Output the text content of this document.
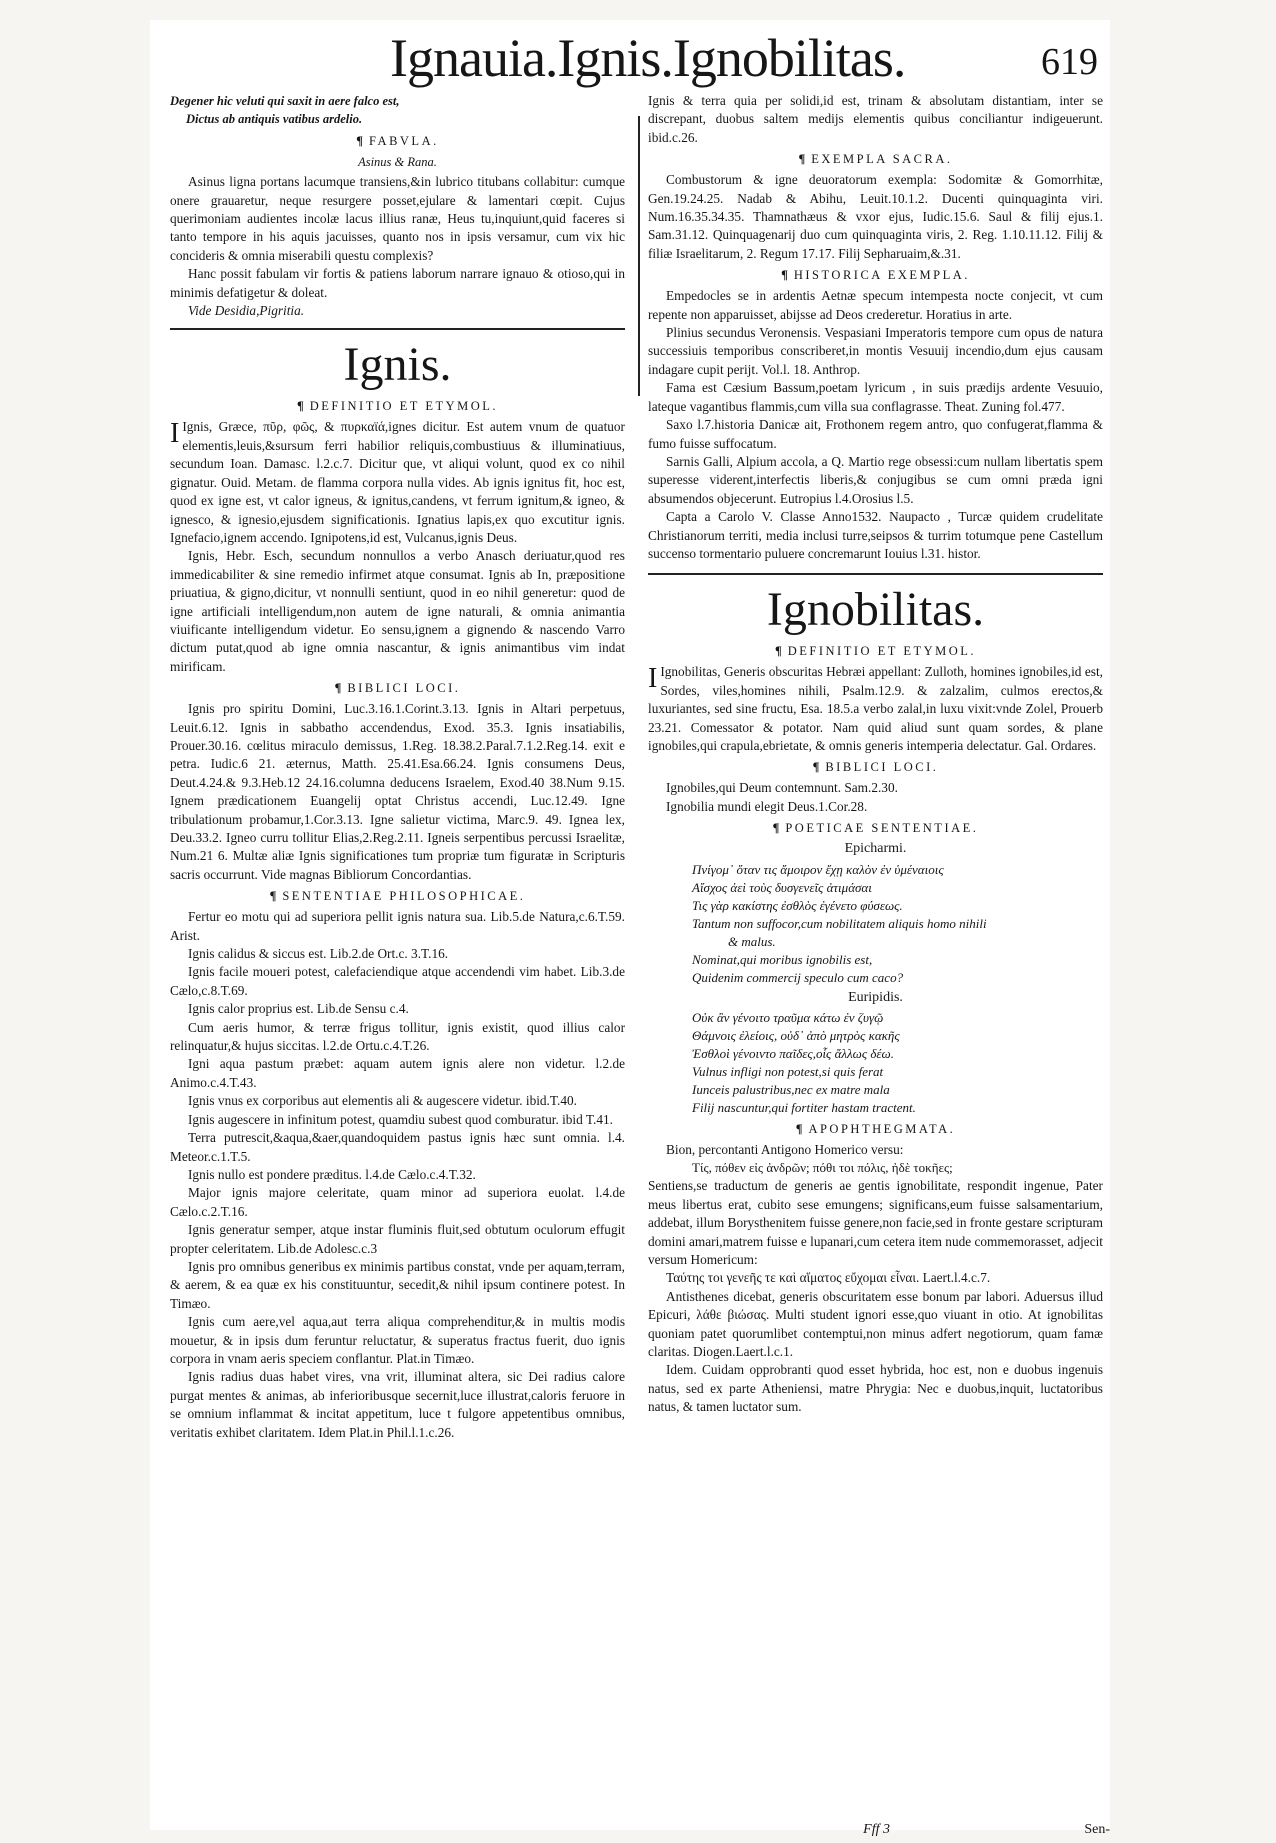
Ignauia.Ignis.Ignobilitas.	619

Degener hic veluti qui saxit in aere falco est,

Dictus ab antiquis vatibus ardelio.

¶ FABVLA.

Asinus & Rana.

Asinus ligna portans lacumque transiens,&in lubrico titubans collabitur: cumque onere grauaretur, neque resurgere posset,ejulare & lamentari cœpit. Cujus querimoniam audientes incolæ lacus illius ranæ, Heus tu,inquiunt,quid faceres si tanto tempore in his aquis jacuisses, quanto nos in ipsis versamur, cum vix hic concideris & omnia miserabili questu complexis?

Hanc possit fabulam vir fortis & patiens laborum narrare ignauo & otioso,qui in minimis defatigetur & doleat.

Vide Desidia,Pigritia.

Ignis.
¶ DEFINITIO ET ETYMOL.

I Ignis, Græce, πῦρ, φῶς, & πυρκαϊά,ignes dicitur. Est autem vnum de quatuor elementis,leuis,&sursum ferri habilior reliquis,combustiuus & illuminatiuus, secundum Ioan. Damasc. l.2.c.7. Dicitur que, vt aliqui volunt, quod ex co nihil gignatur. Ouid. Metam. de flamma corpora nulla vides. Ab ignis ignitus fit, hoc est, quod ex igne est, vt calor igneus, & ignitus,candens, vt ferrum ignitum,& igneo, & ignesco, & ignesio,ejusdem significationis. Ignatius lapis,ex quo excutitur ignis. Ignefacio,ignem accendo. Ignipotens,id est, Vulcanus,ignis Deus.

Ignis, Hebr. Esch, secundum nonnullos a verbo Anasch deriuatur,quod res immedicabiliter & sine remedio infirmet atque consumat. Ignis ab In, præpositione priuatiua, & gigno,dicitur, vt nonnulli sentiunt, quod in eo nihil generetur: quod de igne artificiali intelligendum,non autem de igne naturali, & omnia animantia viuificante intelligendum videtur. Eo sensu,ignem a gignendo & nascendo Varro dictum putat,quod ab igne omnia nascantur, & ignis animantibus vim indat mirificam.

¶ BIBLICI LOCI.

Ignis pro spiritu Domini, Luc.3.16.1.Corint.3.13. Ignis in Altari perpetuus, Leuit.6.12. Ignis in sabbatho accendendus, Exod. 35.3. Ignis insatiabilis, Prouer.30.16. cœlitus miraculo demissus, 1.Reg. 18.38.2.Paral.7.1.2.Reg.14. exit e petra. Iudic.6 21. æternus, Matth. 25.41.Esa.66.24. Ignis consumens Deus, Deut.4.24.& 9.3.Heb.12 24.16.columna deducens Israelem, Exod.40 38.Num 9.15. Ignem prædicationem Euangelij optat Christus accendi, Luc.12.49. Igne tribulationum probamur,1.Cor.3.13. Igne salietur victima, Marc.9. 49. Ignea lex, Deu.33.2. Igneo curru tollitur Elias,2.Reg.2.11. Igneis serpentibus percussi Israelitæ, Num.21 6. Multæ aliæ Ignis significationes tum propriæ tum figuratæ in Scripturis sacris occurrunt. Vide magnas Bibliorum Concordantias.

¶ SENTENTIAE PHILOSOPHICAE.

Fertur eo motu qui ad superiora pellit ignis natura sua. Lib.5.de Natura,c.6.T.59. Arist.

Ignis calidus & siccus est. Lib.2.de Ort.c. 3.T.16.

Ignis facile moueri potest, calefaciendique atque accendendi vim habet. Lib.3.de Cælo,c.8.T.69.

Ignis calor proprius est. Lib.de Sensu c.4.

Cum aeris humor, & terræ frigus tollitur, ignis existit, quod illius calor relinquatur,& hujus siccitas. l.2.de Ortu.c.4.T.26.

Igni aqua pastum præbet: aquam autem ignis alere non videtur. l.2.de Animo.c.4.T.43.

Ignis vnus ex corporibus aut elementis ali & augescere videtur. ibid.T.40.

Ignis augescere in infinitum potest, quamdiu subest quod comburatur. ibid T.41.

Terra putrescit,&aqua,&aer,quandoquidem pastus ignis hæc sunt omnia. l.4. Meteor.c.1.T.5.

Ignis nullo est pondere præditus. l.4.de Cælo.c.4.T.32.

Major ignis majore celeritate, quam minor ad superiora euolat. l.4.de Cælo.c.2.T.16.

Ignis generatur semper, atque instar fluminis fluit,sed obtutum oculorum effugit propter celeritatem. Lib.de Adolesc.c.3

Ignis pro omnibus generibus ex minimis partibus constat, vnde per aquam,terram, & aerem, & ea quæ ex his constituuntur, secedit,& nihil ipsum continere potest. In Timæo.

Ignis cum aere,vel aqua,aut terra aliqua comprehenditur,& in multis modis mouetur, & in ipsis dum feruntur reluctatur, & superatus fractus fuerit, duo ignis corpora in vnam aeris speciem conflantur. Plat.in Timæo.

Ignis radius duas habet vires, vna vrit, illuminat altera, sic Dei radius calore purgat mentes & animas, ab inferioribusque secernit,luce illustrat,caloris feruore in se omnium inflammat & incitat appetitum, luce t fulgore appetentibus omnibus, veritatis exhibet claritatem. Idem Plat.in Phil.l.1.c.26.

Ignis & terra quia per solidi,id est, trinam & absolutam distantiam, inter se discrepant, duobus saltem medijs elementis quibus conciliantur indigeuerunt. ibid.c.26.

¶ EXEMPLA SACRA.

Combustorum & igne deuoratorum exempla: Sodomitæ & Gomorrhitæ, Gen.19.24.25. Nadab & Abihu, Leuit.10.1.2. Ducenti quinquaginta viri. Num.16.35.34.35. Thamnathæus & vxor ejus, Iudic.15.6. Saul & filij ejus.1. Sam.31.12. Quinquagenarij duo cum quinquaginta viris, 2. Reg. 1.10.11.12. Filij & filiæ Israelitarum, 2. Regum 17.17. Filij Sepharuaim,&.31.

¶ HISTORICA EXEMPLA.

Empedocles se in ardentis Aetnæ specum intempesta nocte conjecit, vt cum repente non apparuisset, abijsse ad Deos crederetur. Horatius in arte.

Plinius secundus Veronensis. Vespasiani Imperatoris tempore cum opus de natura successiuis temporibus conscriberet,in montis Vesuuij incendio,dum ejus causam indagare cupit perijt. Vol.l. 18. Anthrop.

Fama est Cæsium Bassum,poetam lyricum , in suis prædijs ardente Vesuuio, lateque vagantibus flammis,cum villa sua conflagrasse. Theat. Zuning fol.477.

Saxo l.7.historia Danicæ ait, Frothonem regem antro, quo confugerat,flamma & fumo fuisse suffocatum.

Sarnis Galli, Alpium accola, a Q. Martio rege obsessi:cum nullam libertatis spem superesse viderent,interfectis liberis,& conjugibus se cum omni præda igni absumendos objecerunt. Eutropius l.4.Orosius l.5.

Capta a Carolo V. Classe Anno1532. Naupacto , Turcæ quidem crudelitate Christianorum territi, media inclusi turre,seipsos & turrim totumque pene Castellum succenso tormentario puluere concremarunt Iouius l.31. histor.

Ignobilitas.
¶ DEFINITIO ET ETYMOL.

I Ignobilitas, Generis obscuritas Hebræi appellant: Zulloth, homines ignobiles,id est, Sordes, viles,homines nihili, Psalm.12.9. & zalzalim, culmos erectos,& luxuriantes, sed sine fructu, Esa. 18.5.a verbo zalal,in luxu vixit:vnde Zolel, Prouerb 23.21. Comessator & potator. Nam quid aliud sunt quam sordes, & plane ignobiles,qui crapula,ebrietate, & omnis generis intemperia delectatur. Gal. Ordares.

¶ BIBLICI LOCI.

Ignobiles,qui Deum contemnunt. Sam.2.30.

Ignobilia mundi elegit Deus.1.Cor.28.

¶ POETICAE SENTENTIAE.

Epicharmi.

Πνίγομ᾽ ὅταν τις ἄμοιρον ἔχῃ καλὸν ἐν ὑμέναιοις

Αἴσχος ἀεὶ τοὺς δυσγενεῖς ἀτιμάσαι

Τις γὰρ κακίστης ἐσθλὸς ἐγένετο φύσεως.

Tantum non suffocor,cum nobilitatem aliquis homo nihili

& malus.

Nominat,qui moribus ignobilis est,

Quidenim commercij speculo cum caco?

Euripidis.

Οὐκ ἂν γένοιτο τραῦμα κάτω ἐν ζυγῷ

Θάμνοις ἐλείοις, οὐδ᾽ ἀπὸ μητρὸς κακῆς

Ἐσθλοὶ γένοιντο παῖδες,οἷς ἄλλως δέω.

Vulnus infligi non potest,si quis ferat

Iunceis palustribus,nec ex matre mala

Filij nascuntur,qui fortiter hastam tractent.

¶ APOPHTHEGMATA.

Bion, percontanti Antigono Homerico versu:

Τίς, πόθεν εἰς ἀνδρῶν; πόθι τοι πόλις, ἠδὲ τοκῆες;

Sentiens,se traductum de generis ae gentis ignobilitate, respondit ingenue, Pater meus libertus erat, cubito sese emungens; significans,eum fuisse salsamentarium, addebat, illum Borysthenitem fuisse genere,non facie,sed in fronte gestare scripturam domini amari,matrem fuisse e lupanari,cum cetera item nude commemorasset, adjecit versum Homericum:

Ταύτης τοι γενεῆς τε καὶ αἵματος εὔχομαι εἶναι. Laert.l.4.c.7.

Antisthenes dicebat, generis obscuritatem esse bonum par labori. Aduersus illud Epicuri, λάθε βιώσας. Multi student ignori esse,quo viuant in otio. At ignobilitas quoniam patet quorumlibet contemptui,non minus adfert negotiorum, quam famæ claritas. Diogen.Laert.l.c.1.

Idem. Cuidam opprobranti quod esset hybrida, hoc est, non e duobus ingenuis natus, sed ex parte Atheniensi, matre Phrygia: Nec e duobus,inquit, luctatoribus natus, & tamen luctator sum.

Fff 3	Sen-
